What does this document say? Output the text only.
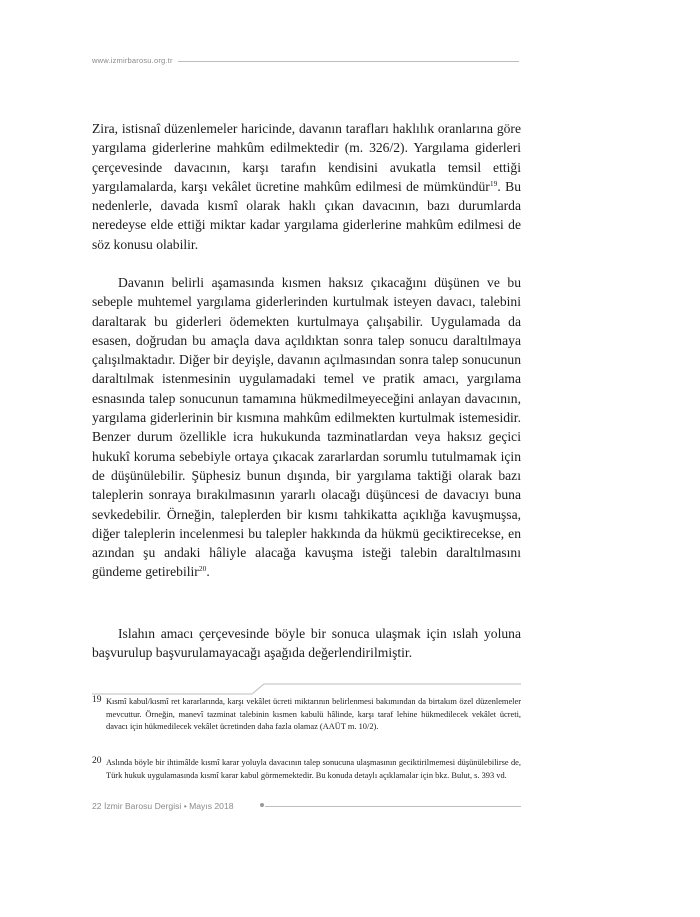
www.izmirbarosu.org.tr

Zira, istisnaî düzenlemeler haricinde, davanın tarafları haklılık oranlarına göre yargılama giderlerine mahkûm edilmektedir (m. 326/2). Yargılama giderleri çerçevesinde davacının, karşı tarafın kendisini avukatla temsil ettiği yargılamalarda, karşı vekâlet ücretine mahkûm edilmesi de mümkündür$^{19}$. Bu nedenlerle, davada kısmî olarak haklı çıkan davacının, bazı durumlarda neredeyse elde ettiği miktar kadar yargılama giderlerine mahkûm edilmesi de söz konusu olabilir.

Davanın belirli aşamasında kısmen haksız çıkacağını düşünen ve bu sebeple muhtemel yargılama giderlerinden kurtulmak isteyen davacı, talebini daraltarak bu giderleri ödemekten kurtulmaya çalışabilir. Uygulamada da esasen, doğrudan bu amaçla dava açıldıktan sonra talep sonucu daraltılmaya çalışılmaktadır. Diğer bir deyişle, davanın açılmasından sonra talep sonucunun daraltılmak istenmesinin uygulamadaki temel ve pratik amacı, yargılama esnasında talep sonucunun tamamına hükmedilmeyeceğini anlayan davacının, yargılama giderlerinin bir kısmına mahkûm edilmekten kurtulmak istemesidir. Benzer durum özellikle icra hukukunda tazminatlardan veya haksız geçici hukukî koruma sebebiyle ortaya çıkacak zararlardan sorumlu tutulmamak için de düşünülebilir. Şüphesiz bunun dışında, bir yargılama taktiği olarak bazı taleplerin sonraya bırakılmasının yararlı olacağı düşüncesi de davacıyı buna sevkedebilir. Örneğin, taleplerden bir kısmı tahkikatta açıklığa kavuşmuşsa, diğer taleplerin incelenmesi bu talepler hakkında da hükmü geciktirecekse, en azından şu andaki hâliyle alacağa kavuşma isteği talebin daraltılmasını gündeme getirebilir$^{20}$.

Islahın amacı çerçevesinde böyle bir sonuca ulaşmak için ıslah yoluna başvurulup başvurulamayacağı aşağıda değerlendirilmiştir.

19 Kısmî kabul/kısmî ret kararlarında, karşı vekâlet ücreti miktarının belirlenmesi bakımından da birtakım özel düzenlemeler mevcuttur. Örneğin, manevî tazminat talebinin kısmen kabulü hâlinde, karşı taraf lehine hükmedilecek vekâlet ücreti, davacı için hükmedilecek vekâlet ücretinden daha fazla olamaz (AAÜT m. 10/2).
20 Aslında böyle bir ihtimâlde kısmî karar yoluyla davacının talep sonucuna ulaşmasının geciktirilmemesi düşünülebilirse de, Türk hukuk uygulamasında kısmî karar kabul görmemektedir. Bu konuda detaylı açıklamalar için bkz. Bulut, s. 393 vd.
22 İzmir Barosu Dergisi • Mayıs 2018
